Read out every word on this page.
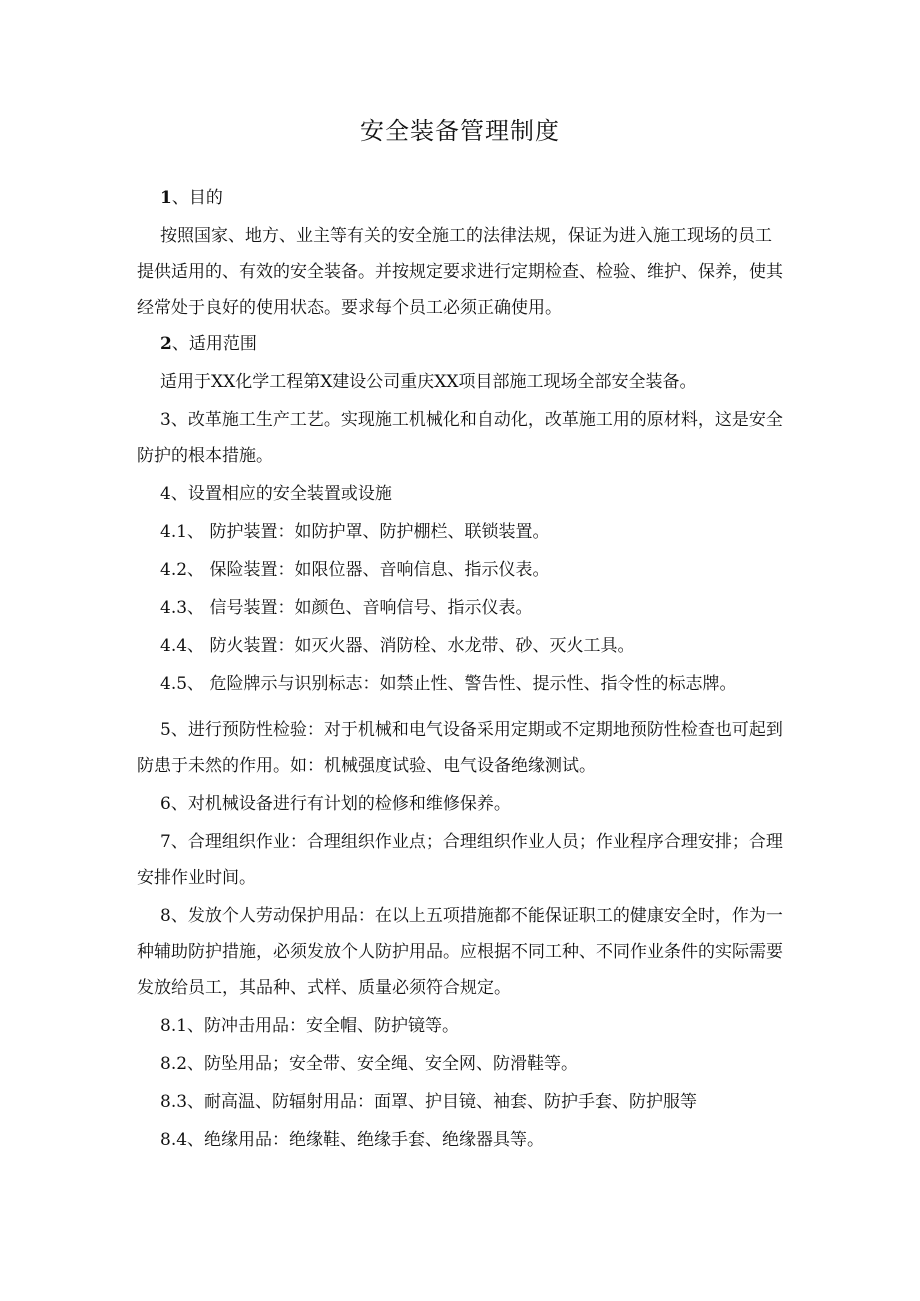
安全装备管理制度

1、目的

按照国家、地方、业主等有关的安全施工的法律法规，保证为进入施工现场的员工提供适用的、有效的安全装备。并按规定要求进行定期检查、检验、维护、保养，使其经常处于良好的使用状态。要求每个员工必须正确使用。

2、适用范围

适用于XX化学工程第X建设公司重庆XX项目部施工现场全部安全装备。

3、改革施工生产工艺。实现施工机械化和自动化，改革施工用的原材料，这是安全防护的根本措施。

4、设置相应的安全装置或设施

4.1、 防护装置：如防护罩、防护棚栏、联锁装置。

4.2、 保险装置：如限位器、音响信息、指示仪表。

4.3、 信号装置：如颜色、音响信号、指示仪表。

4.4、 防火装置：如灭火器、消防栓、水龙带、砂、灭火工具。

4.5、 危险牌示与识别标志：如禁止性、警告性、提示性、指令性的标志牌。

5、进行预防性检验：对于机械和电气设备采用定期或不定期地预防性检查也可起到防患于未然的作用。如：机械强度试验、电气设备绝缘测试。

6、对机械设备进行有计划的检修和维修保养。

7、合理组织作业：合理组织作业点；合理组织作业人员；作业程序合理安排；合理安排作业时间。

8、发放个人劳动保护用品：在以上五项措施都不能保证职工的健康安全时，作为一种辅助防护措施，必须发放个人防护用品。应根据不同工种、不同作业条件的实际需要发放给员工，其品种、式样、质量必须符合规定。

8.1、防冲击用品：安全帽、防护镜等。

8.2、防坠用品；安全带、安全绳、安全网、防滑鞋等。

8.3、耐高温、防辐射用品：面罩、护目镜、袖套、防护手套、防护服等

8.4、绝缘用品：绝缘鞋、绝缘手套、绝缘器具等。
